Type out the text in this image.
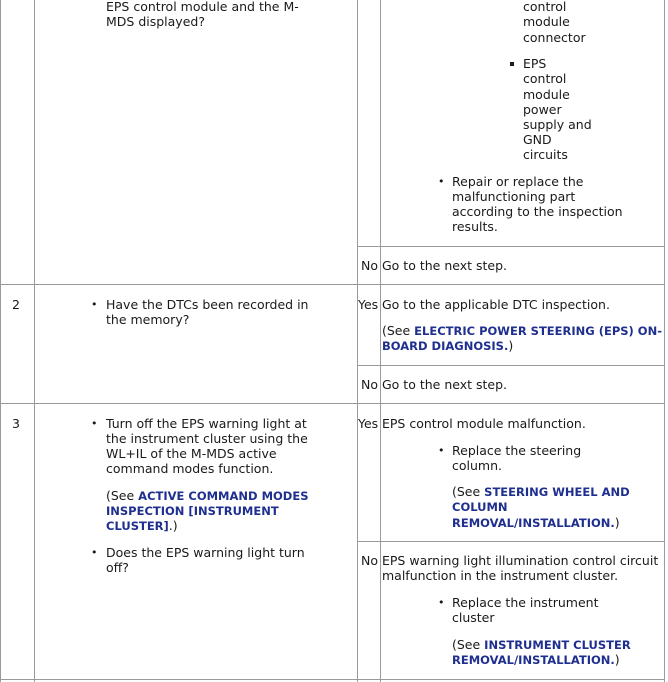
EPS control module and the M-
MDS displayed?
control
module
connector
EPS
control
module
power
supply and
GND
circuits
• Repair or replace the
malfunctioning part
according to the inspection
results.
No Go to the next step.
2	• Have the DTCs been recorded in
the memory?
Yes Go to the applicable DTC inspection.
(See ELECTRIC POWER STEERING (EPS) ON-
BOARD DIAGNOSIS.)
No Go to the next step.
3	• Turn off the EPS warning light at
the instrument cluster using the
WL+IL of the M-MDS active
command modes function.
(See ACTIVE COMMAND MODES
INSPECTION [INSTRUMENT
CLUSTER].)
• Does the EPS warning light turn
off?
Yes EPS control module malfunction.
• Replace the steering
column.
(See STEERING WHEEL AND
COLUMN
REMOVAL/INSTALLATION.)
No EPS warning light illumination control circuit
malfunction in the instrument cluster.
• Replace the instrument
cluster
(See INSTRUMENT CLUSTER
REMOVAL/INSTALLATION.)
